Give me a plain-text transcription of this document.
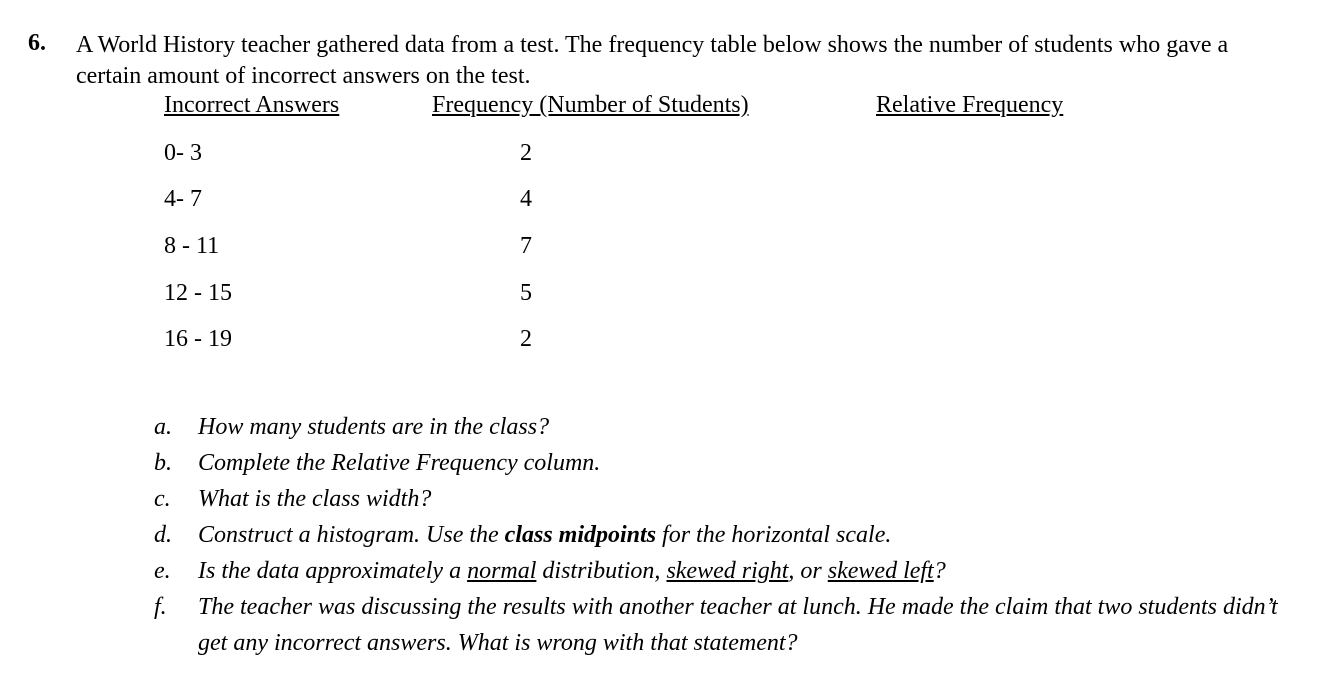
6. A World History teacher gathered data from a test. The frequency table below shows the number of students who gave a certain amount of incorrect answers on the test.
Incorrect Answers	Frequency (Number of Students)	Relative Frequency
0- 3	2
4- 7	4
8 - 11	7
12 - 15	5
16 - 19	2
a. How many students are in the class?
b. Complete the Relative Frequency column.
c. What is the class width?
d. Construct a histogram. Use the class midpoints for the horizontal scale.
e. Is the data approximately a normal distribution, skewed right, or skewed left?
f. The teacher was discussing the results with another teacher at lunch. He made the claim that two students didn’t get any incorrect answers. What is wrong with that statement?
